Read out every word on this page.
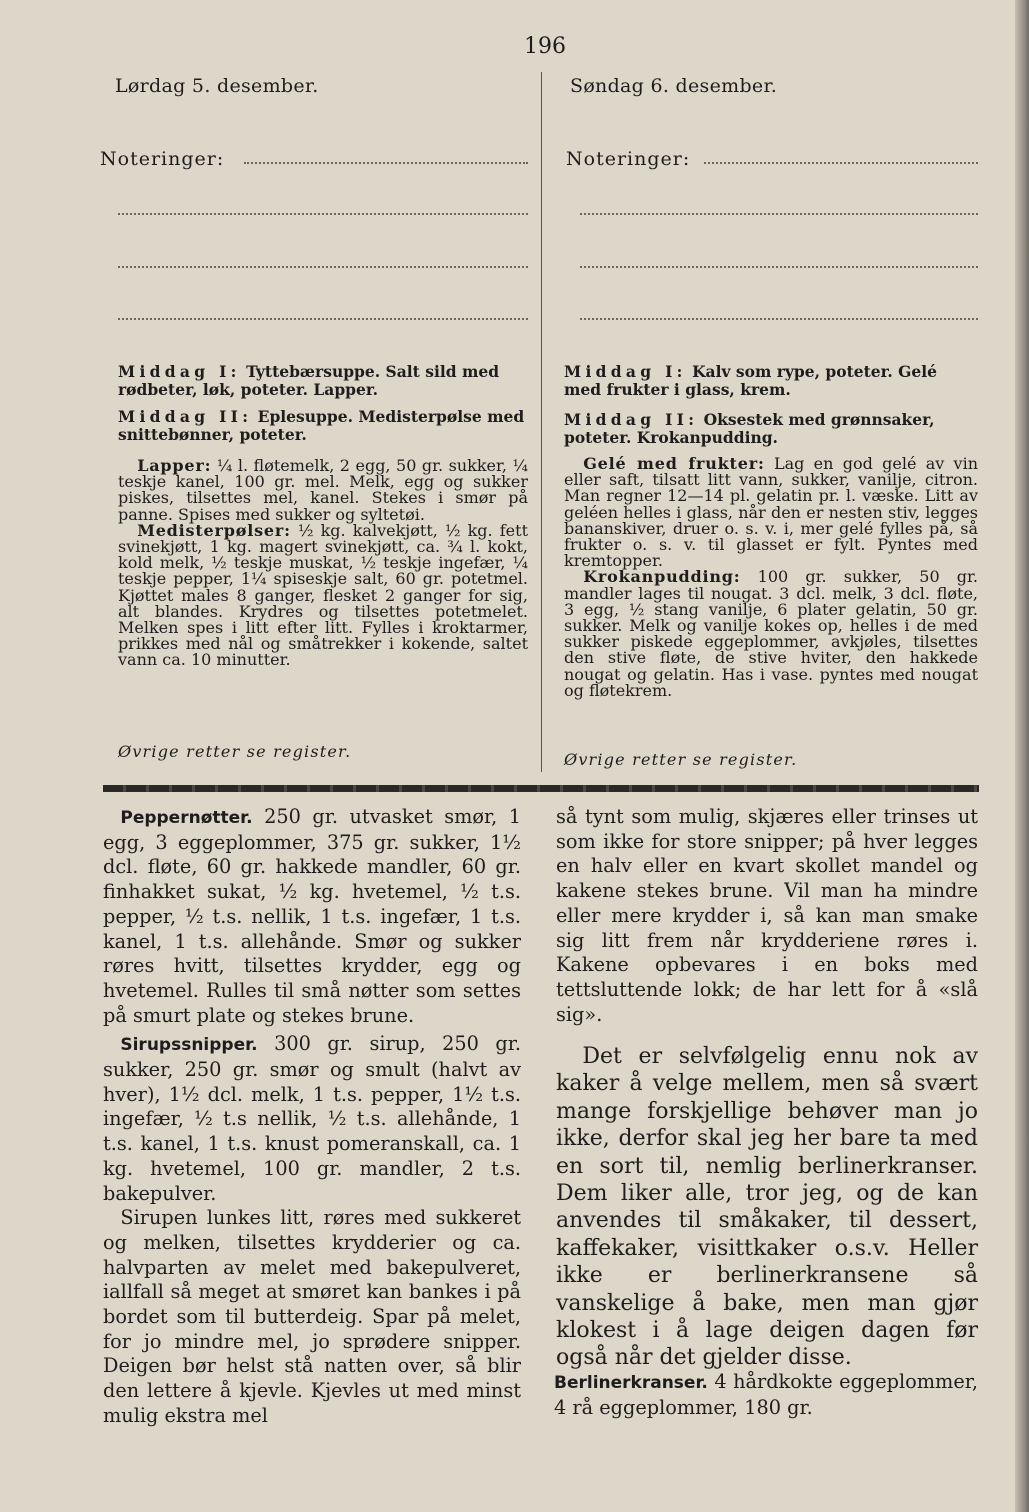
196
Lørdag 5. desember.
Noteringer:
Søndag 6. desember.
Noteringer:
Middag I: Tyttebærsuppe. Salt sild med rødbeter, løk, poteter. Lapper.
Middag II: Eplesuppe. Medisterpølse med snittebønner, poteter.

Lapper: ¼ l. fløtemelk, 2 egg, 50 gr. sukker, ¼ teskje kanel, 100 gr. mel. Melk, egg og sukker piskes, tilsettes mel, kanel. Stekes i smør på panne. Spises med sukker og syltetøi.

Medisterpølser: ½ kg. kalvekjøtt, ½ kg. fett svinekjøtt, 1 kg. magert svinekjøtt, ca. ¾ l. kokt, kold melk, ½ teskje muskat, ½ teskje ingefær, ¼ teskje pepper, 1¼ spiseskje salt, 60 gr. potetmel. Kjøttet males 8 ganger, flesket 2 ganger for sig, alt blandes. Krydres og tilsettes potetmelet. Melken spes i litt efter litt. Fylles i kroktarmer, prikkes med nål og småtrekker i kokende, saltet vann ca. 10 minutter.

Øvrige retter se register.
Middag I: Kalv som rype, poteter. Gelé med frukter i glass, krem.
Middag II: Oksestek med grønnsaker, poteter. Krokanpudding.

Gelé med frukter: Lag en god gelé av vin eller saft, tilsatt litt vann, sukker, vanilje, citron. Man regner 12—14 pl. gelatin pr. l. væske. Litt av geléen helles i glass, når den er nesten stiv, legges bananskiver, druer o. s. v. i, mer gelé fylles på, så frukter o. s. v. til glasset er fylt. Pyntes med kremtopper.

Krokanpudding: 100 gr. sukker, 50 gr. mandler lages til nougat. 3 dcl. melk, 3 dcl. fløte, 3 egg, ½ stang vanilje, 6 plater gelatin, 50 gr. sukker. Melk og vanilje kokes op, helles i de med sukker piskede eggeplommer, avkjøles, tilsettes den stive fløte, de stive hviter, den hakkede nougat og gelatin. Has i vase. pyntes med nougat og fløtekrem.

Øvrige retter se register.

Peppernøtter. 250 gr. utvasket smør, 1 egg, 3 eggeplommer, 375 gr. sukker, 1½ dcl. fløte, 60 gr. hakkede mandler, 60 gr. finhakket sukat, ½ kg. hvetemel, ½ t.s. pepper, ½ t.s. nellik, 1 t.s. ingefær, 1 t.s. kanel, 1 t.s. allehånde. Smør og sukker røres hvitt, tilsettes krydder, egg og hvetemel. Rulles til små nøtter som settes på smurt plate og stekes brune.

Sirupssnipper. 300 gr. sirup, 250 gr. sukker, 250 gr. smør og smult (halvt av hver), 1½ dcl. melk, 1 t.s. pepper, 1½ t.s. ingefær, ½ t.s nellik, ½ t.s. allehånde, 1 t.s. kanel, 1 t.s. knust pomeranskall, ca. 1 kg. hvetemel, 100 gr. mandler, 2 t.s. bakepulver.

Sirupen lunkes litt, røres med sukkeret og melken, tilsettes krydderier og ca. halvparten av melet med bakepulveret, iallfall så meget at smøret kan bankes i på bordet som til butterdeig. Spar på melet, for jo mindre mel, jo sprødere snipper. Deigen bør helst stå natten over, så blir den lettere å kjevle. Kjevles ut med minst mulig ekstra mel

så tynt som mulig, skjæres eller trinses ut som ikke for store snipper; på hver legges en halv eller en kvart skollet mandel og kakene stekes brune. Vil man ha mindre eller mere krydder i, så kan man smake sig litt frem når krydderiene røres i. Kakene opbevares i en boks med tettsluttende lokk; de har lett for å «slå sig».
Det er selvfølgelig ennu nok av kaker å velge mellem, men så svært mange forskjellige behøver man jo ikke, derfor skal jeg her bare ta med en sort til, nemlig berlinerkranser. Dem liker alle, tror jeg, og de kan anvendes til småkaker, til dessert, kaffekaker, visittkaker o.s.v. Heller ikke er berlinerkransene så vanskelige å bake, men man gjør klokest i å lage deigen dagen før også når det gjelder disse.
Berlinerkranser. 4 hårdkokte eggeplommer, 4 rå eggeplommer, 180 gr.
